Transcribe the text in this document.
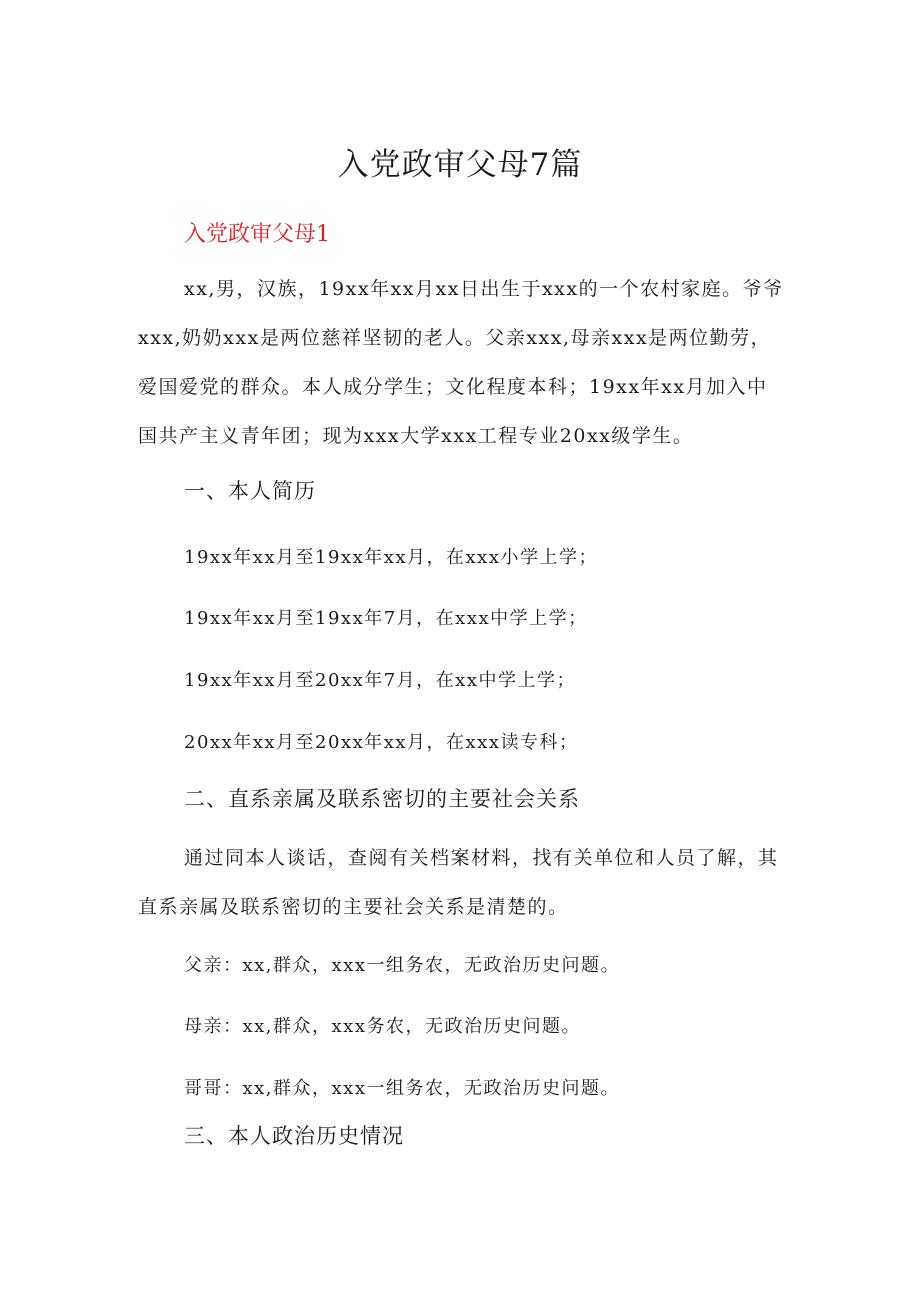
入党政审父母7篇
入党政审父母1

xx,男，汉族，19xx年xx月xx日出生于xxx的一个农村家庭。爷爷xxx,奶奶xxx是两位慈祥坚韧的老人。父亲xxx,母亲xxx是两位勤劳，爱国爱党的群众。本人成分学生；文化程度本科；19xx年xx月加入中国共产主义青年团；现为xxx大学xxx工程专业20xx级学生。

一、本人简历
19xx年xx月至19xx年xx月，在xxx小学上学；
19xx年xx月至19xx年7月，在xxx中学上学；
19xx年xx月至20xx年7月，在xx中学上学；
20xx年xx月至20xx年xx月，在xxx读专科；
二、直系亲属及联系密切的主要社会关系

通过同本人谈话，查阅有关档案材料，找有关单位和人员了解，其直系亲属及联系密切的主要社会关系是清楚的。

父亲：xx,群众，xxx一组务农，无政治历史问题。
母亲：xx,群众，xxx务农，无政治历史问题。
哥哥：xx,群众，xxx一组务农，无政治历史问题。
三、本人政治历史情况
